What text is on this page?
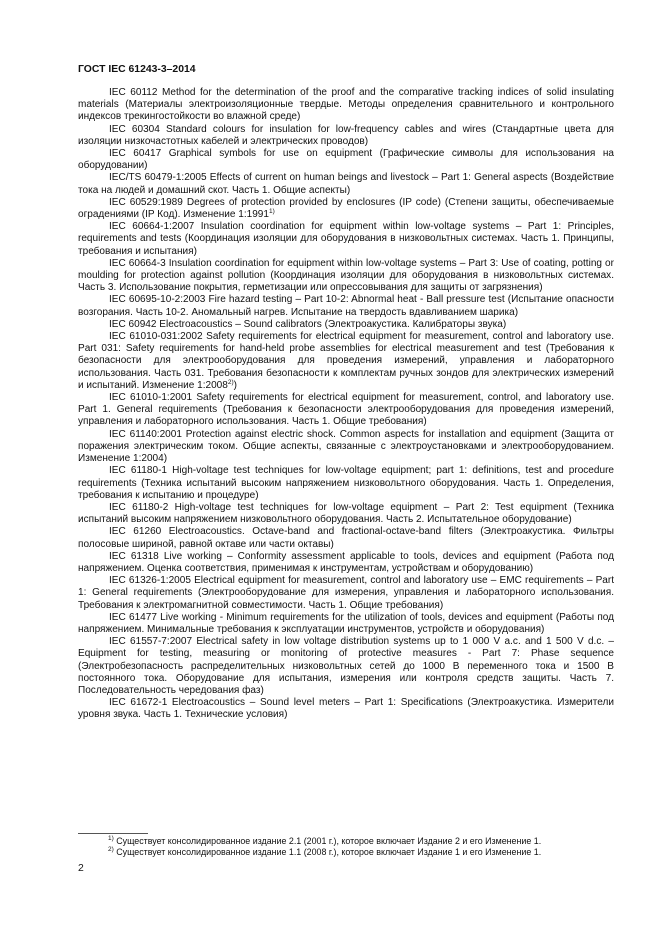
ГОСТ IEC 61243-3–2014

IEC 60112 Method for the determination of the proof and the comparative tracking indices of solid insulating materials (Материалы электроизоляционные твердые. Методы определения сравнительного и контрольного индексов трекингостойкости во влажной среде)

IEC 60304 Standard colours for insulation for low-frequency cables and wires (Стандартные цвета для изоляции низкочастотных кабелей и электрических проводов)

IEC 60417 Graphical symbols for use on equipment (Графические символы для использования на оборудовании)

IEC/TS 60479-1:2005 Effects of current on human beings and livestock – Part 1: General aspects (Воздействие тока на людей и домашний скот. Часть 1. Общие аспекты)

IEC 60529:1989 Degrees of protection provided by enclosures (IP code) (Степени защиты, обеспечиваемые оградениями (IP Код). Изменение 1:1991$^{1)}$

IEC 60664-1:2007 Insulation coordination for equipment within low-voltage systems – Part 1: Principles, requirements and tests (Координация изоляции для оборудования в низковольтных системах. Часть 1. Принципы, требования и испытания)

IEC 60664-3 Insulation coordination for equipment within low-voltage systems – Part 3: Use of coating, potting or moulding for protection against pollution (Координация изоляции для оборудования в низковольтных системах. Часть 3. Использование покрытия, герметизации или опрессовывания для защиты от загрязнения)

IEC 60695-10-2:2003 Fire hazard testing – Part 10-2: Abnormal heat - Ball pressure test (Испытание опасности возгорания. Часть 10-2. Аномальный нагрев. Испытание на твердость вдавливанием шарика)

IEC 60942 Electroacoustics – Sound calibrators (Электроакустика. Калибраторы звука)

IEC 61010-031:2002 Safety requirements for electrical equipment for measurement, control and laboratory use. Part 031: Safety requirements for hand-held probe assemblies for electrical measurement and test (Требования к безопасности для электрооборудования для проведения измерений, управления и лабораторного использования. Часть 031. Требования безопасности к комплектам ручных зондов для электрических измерений и испытаний. Изменение 1:2008$^{2)}$)

IEC 61010-1:2001 Safety requirements for electrical equipment for measurement, control, and laboratory use. Part 1. General requirements (Требования к безопасности электрооборудования для проведения измерений, управления и лабораторного использования. Часть 1. Общие требования)

IEC 61140:2001 Protection against electric shock. Common aspects for installation and equipment (Защита от поражения электрическим током. Общие аспекты, связанные с электроустановками и электрооборудованием. Изменение 1:2004)

IEC 61180-1 High-voltage test techniques for low-voltage equipment; part 1: definitions, test and procedure requirements (Техника испытаний высоким напряжением низковольтного оборудования. Часть 1. Определения, требования к испытанию и процедуре)

IEC 61180-2 High-voltage test techniques for low-voltage equipment – Part 2: Test equipment (Техника испытаний высоким напряжением низковольтного оборудования. Часть 2. Испытательное оборудование)

IEC 61260 Electroacoustics. Octave-band and fractional-octave-band filters (Электроакустика. Фильтры полосовые шириной, равной октаве или части октавы)

IEC 61318 Live working – Conformity assessment applicable to tools, devices and equipment (Работа под напряжением. Оценка соответствия, применимая к инструментам, устройствам и оборудованию)

IEC 61326-1:2005 Electrical equipment for measurement, control and laboratory use – EMC requirements – Part 1: General requirements (Электрооборудование для измерения, управления и лабораторного использования. Требования к электромагнитной совместимости. Часть 1. Общие требования)

IEC 61477 Live working - Minimum requirements for the utilization of tools, devices and equipment (Работы под напряжением. Минимальные требования к эксплуатации инструментов, устройств и оборудования)

IEC 61557-7:2007 Electrical safety in low voltage distribution systems up to 1 000 V a.c. and 1 500 V d.c. – Equipment for testing, measuring or monitoring of protective measures - Part 7: Phase sequence (Электробезопасность распределительных низковольтных сетей до 1000 В переменного тока и 1500 В постоянного тока. Оборудование для испытания, измерения или контроля средств защиты. Часть 7. Последовательность чередования фаз)

IEC 61672-1 Electroacoustics – Sound level meters – Part 1: Specifications (Электроакустика. Измерители уровня звука. Часть 1. Технические условия)

$^{1)}$ Существует консолидированное издание 2.1 (2001 г.), которое включает Издание 2 и его Изменение 1.

$^{2)}$ Существует консолидированное издание 1.1 (2008 г.), которое включает Издание 1 и его Изменение 1.

2
